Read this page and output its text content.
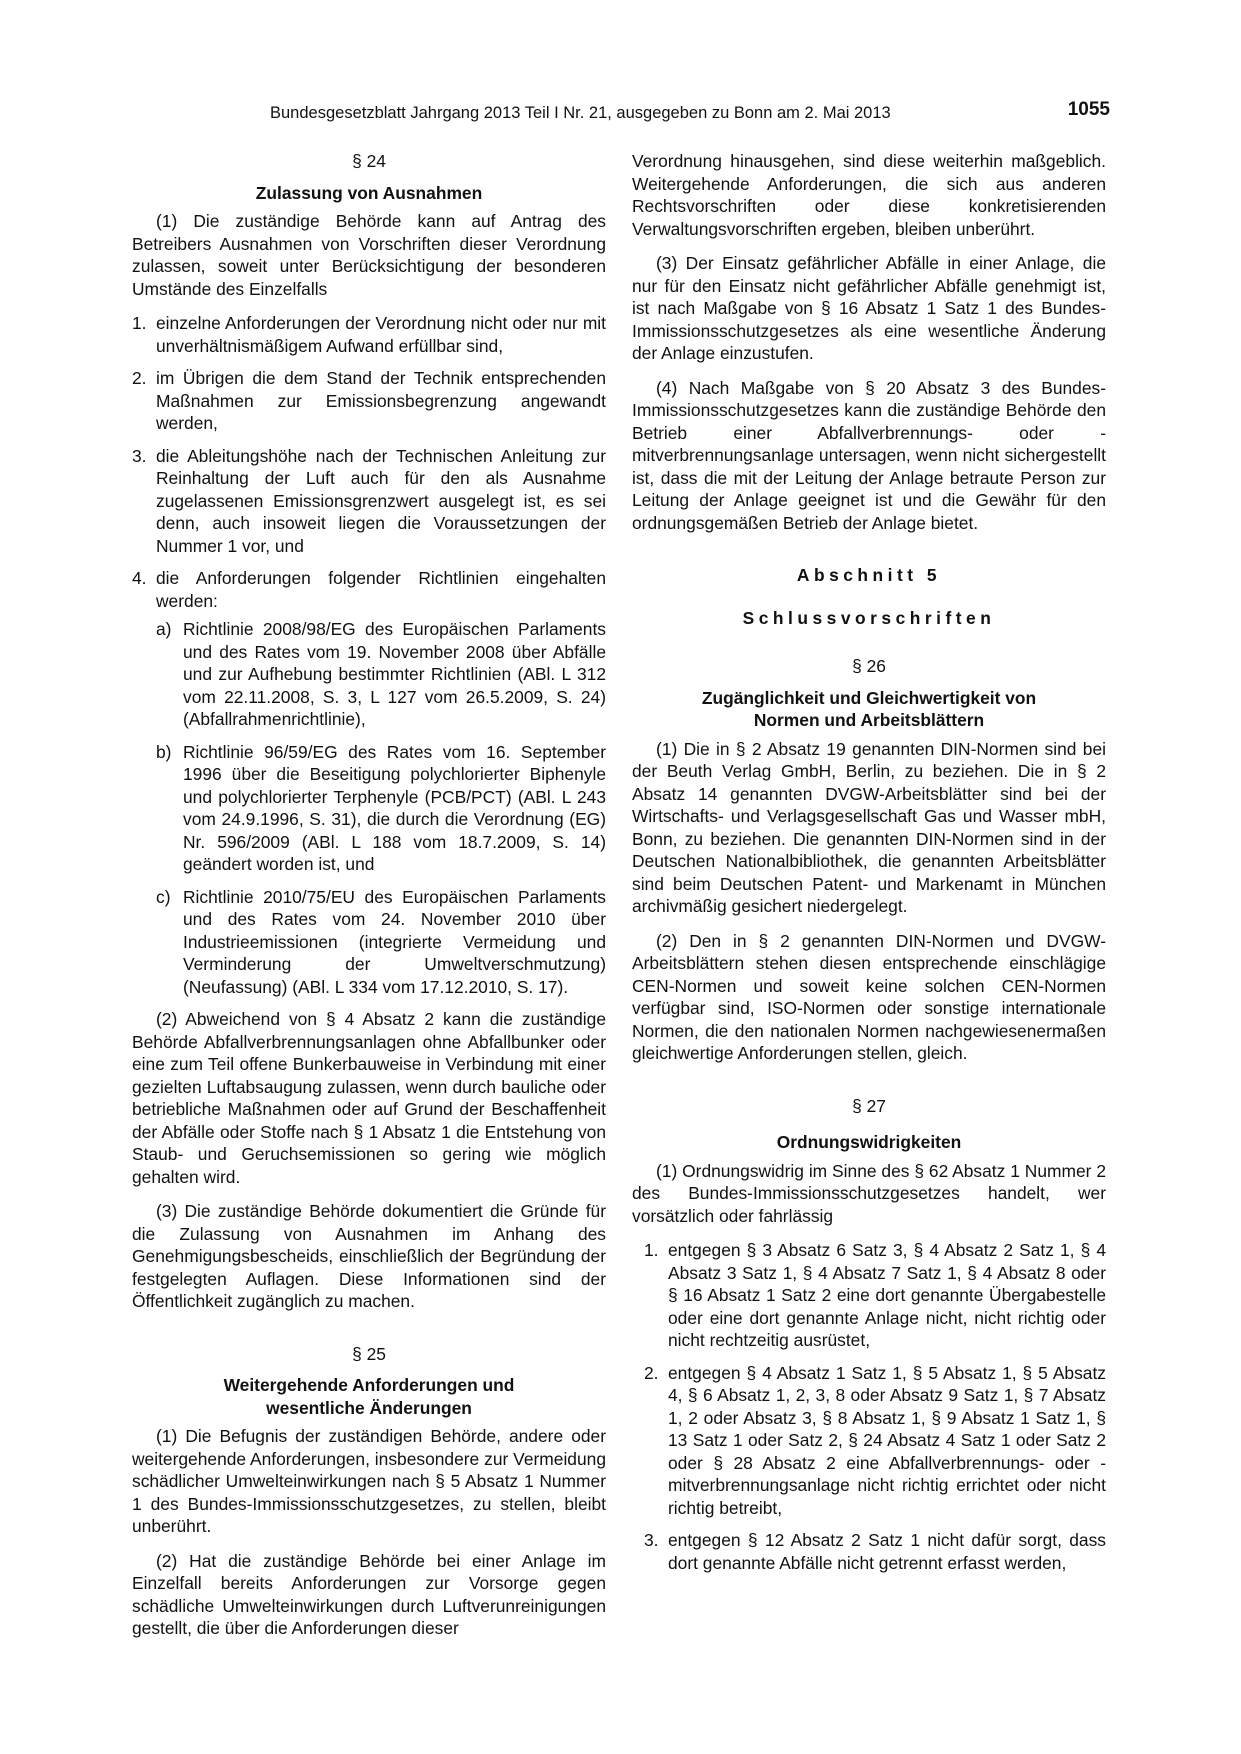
Bundesgesetzblatt Jahrgang 2013 Teil I Nr. 21, ausgegeben zu Bonn am 2. Mai 2013	1055
§ 24
Zulassung von Ausnahmen

(1) Die zuständige Behörde kann auf Antrag des Betreibers Ausnahmen von Vorschriften dieser Verordnung zulassen, soweit unter Berücksichtigung der besonderen Umstände des Einzelfalls

1. einzelne Anforderungen der Verordnung nicht oder nur mit unverhältnismäßigem Aufwand erfüllbar sind,
2. im Übrigen die dem Stand der Technik entsprechenden Maßnahmen zur Emissionsbegrenzung angewandt werden,
3. die Ableitungshöhe nach der Technischen Anleitung zur Reinhaltung der Luft auch für den als Ausnahme zugelassenen Emissionsgrenzwert ausgelegt ist, es sei denn, auch insoweit liegen die Voraussetzungen der Nummer 1 vor, und
4. die Anforderungen folgender Richtlinien eingehalten werden:
a) Richtlinie 2008/98/EG des Europäischen Parlaments und des Rates vom 19. November 2008 über Abfälle und zur Aufhebung bestimmter Richtlinien (ABl. L 312 vom 22.11.2008, S. 3, L 127 vom 26.5.2009, S. 24) (Abfallrahmenrichtlinie),
b) Richtlinie 96/59/EG des Rates vom 16. September 1996 über die Beseitigung polychlorierter Biphenyle und polychlorierter Terphenyle (PCB/PCT) (ABl. L 243 vom 24.9.1996, S. 31), die durch die Verordnung (EG) Nr. 596/2009 (ABl. L 188 vom 18.7.2009, S. 14) geändert worden ist, und
c) Richtlinie 2010/75/EU des Europäischen Parlaments und des Rates vom 24. November 2010 über Industrieemissionen (integrierte Vermeidung und Verminderung der Umweltverschmutzung) (Neufassung) (ABl. L 334 vom 17.12.2010, S. 17).

(2) Abweichend von § 4 Absatz 2 kann die zuständige Behörde Abfallverbrennungsanlagen ohne Abfallbunker oder eine zum Teil offene Bunkerbauweise in Verbindung mit einer gezielten Luftabsaugung zulassen, wenn durch bauliche oder betriebliche Maßnahmen oder auf Grund der Beschaffenheit der Abfälle oder Stoffe nach § 1 Absatz 1 die Entstehung von Staub- und Geruchsemissionen so gering wie möglich gehalten wird.

(3) Die zuständige Behörde dokumentiert die Gründe für die Zulassung von Ausnahmen im Anhang des Genehmigungsbescheids, einschließlich der Begründung der festgelegten Auflagen. Diese Informationen sind der Öffentlichkeit zugänglich zu machen.

§ 25
Weitergehende Anforderungen und wesentliche Änderungen

(1) Die Befugnis der zuständigen Behörde, andere oder weitergehende Anforderungen, insbesondere zur Vermeidung schädlicher Umwelteinwirkungen nach § 5 Absatz 1 Nummer 1 des Bundes-Immissionsschutzgesetzes, zu stellen, bleibt unberührt.

(2) Hat die zuständige Behörde bei einer Anlage im Einzelfall bereits Anforderungen zur Vorsorge gegen schädliche Umwelteinwirkungen durch Luftverunreinigungen gestellt, die über die Anforderungen dieser

Verordnung hinausgehen, sind diese weiterhin maßgeblich. Weitergehende Anforderungen, die sich aus anderen Rechtsvorschriften oder diese konkretisierenden Verwaltungsvorschriften ergeben, bleiben unberührt.

(3) Der Einsatz gefährlicher Abfälle in einer Anlage, die nur für den Einsatz nicht gefährlicher Abfälle genehmigt ist, ist nach Maßgabe von § 16 Absatz 1 Satz 1 des Bundes-Immissionsschutzgesetzes als eine wesentliche Änderung der Anlage einzustufen.

(4) Nach Maßgabe von § 20 Absatz 3 des Bundes-Immissionsschutzgesetzes kann die zuständige Behörde den Betrieb einer Abfallverbrennungs- oder -mitverbrennungsanlage untersagen, wenn nicht sichergestellt ist, dass die mit der Leitung der Anlage betraute Person zur Leitung der Anlage geeignet ist und die Gewähr für den ordnungsgemäßen Betrieb der Anlage bietet.

Abschnitt 5
Schlussvorschriften
§ 26
Zugänglichkeit und Gleichwertigkeit von Normen und Arbeitsblättern

(1) Die in § 2 Absatz 19 genannten DIN-Normen sind bei der Beuth Verlag GmbH, Berlin, zu beziehen. Die in § 2 Absatz 14 genannten DVGW-Arbeitsblätter sind bei der Wirtschafts- und Verlagsgesellschaft Gas und Wasser mbH, Bonn, zu beziehen. Die genannten DIN-Normen sind in der Deutschen Nationalbibliothek, die genannten Arbeitsblätter sind beim Deutschen Patent- und Markenamt in München archivmäßig gesichert niedergelegt.

(2) Den in § 2 genannten DIN-Normen und DVGW-Arbeitsblättern stehen diesen entsprechende einschlägige CEN-Normen und soweit keine solchen CEN-Normen verfügbar sind, ISO-Normen oder sonstige internationale Normen, die den nationalen Normen nachgewiesenermaßen gleichwertige Anforderungen stellen, gleich.

§ 27
Ordnungswidrigkeiten

(1) Ordnungswidrig im Sinne des § 62 Absatz 1 Nummer 2 des Bundes-Immissionsschutzgesetzes handelt, wer vorsätzlich oder fahrlässig

1. entgegen § 3 Absatz 6 Satz 3, § 4 Absatz 2 Satz 1, § 4 Absatz 3 Satz 1, § 4 Absatz 7 Satz 1, § 4 Absatz 8 oder § 16 Absatz 1 Satz 2 eine dort genannte Übergabestelle oder eine dort genannte Anlage nicht, nicht richtig oder nicht rechtzeitig ausrüstet,
2. entgegen § 4 Absatz 1 Satz 1, § 5 Absatz 1, § 5 Absatz 4, § 6 Absatz 1, 2, 3, 8 oder Absatz 9 Satz 1, § 7 Absatz 1, 2 oder Absatz 3, § 8 Absatz 1, § 9 Absatz 1 Satz 1, § 13 Satz 1 oder Satz 2, § 24 Absatz 4 Satz 1 oder Satz 2 oder § 28 Absatz 2 eine Abfallverbrennungs- oder -mitverbrennungsanlage nicht richtig errichtet oder nicht richtig betreibt,
3. entgegen § 12 Absatz 2 Satz 1 nicht dafür sorgt, dass dort genannte Abfälle nicht getrennt erfasst werden,
